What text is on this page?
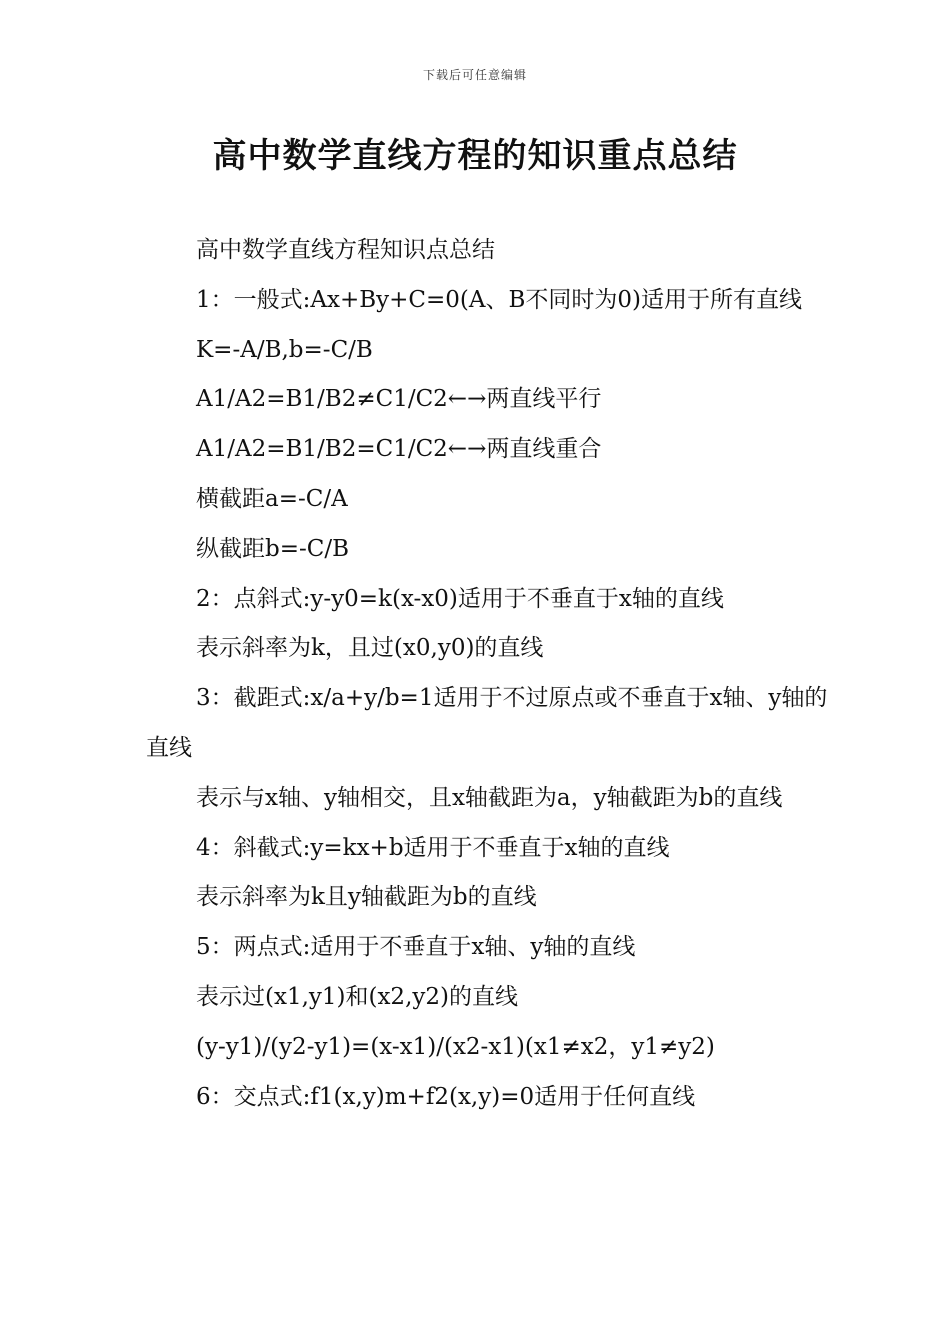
下载后可任意编辑
高中数学直线方程的知识重点总结

高中数学直线方程知识点总结

1：一般式:Ax+By+C=0(A、B不同时为0)适用于所有直线

K=-A/B,b=-C/B

A1/A2=B1/B2≠C1/C2←→两直线平行

A1/A2=B1/B2=C1/C2←→两直线重合

横截距a=-C/A

纵截距b=-C/B

2：点斜式:y-y0=k(x-x0)适用于不垂直于x轴的直线

表示斜率为k，且过(x0,y0)的直线

3：截距式:x/a+y/b=1适用于不过原点或不垂直于x轴、y轴的直线

表示与x轴、y轴相交，且x轴截距为a，y轴截距为b的直线

4：斜截式:y=kx+b适用于不垂直于x轴的直线

表示斜率为k且y轴截距为b的直线

5：两点式:适用于不垂直于x轴、y轴的直线

表示过(x1,y1)和(x2,y2)的直线

(y-y1)/(y2-y1)=(x-x1)/(x2-x1)(x1≠x2，y1≠y2)

6：交点式:f1(x,y)m+f2(x,y)=0适用于任何直线
